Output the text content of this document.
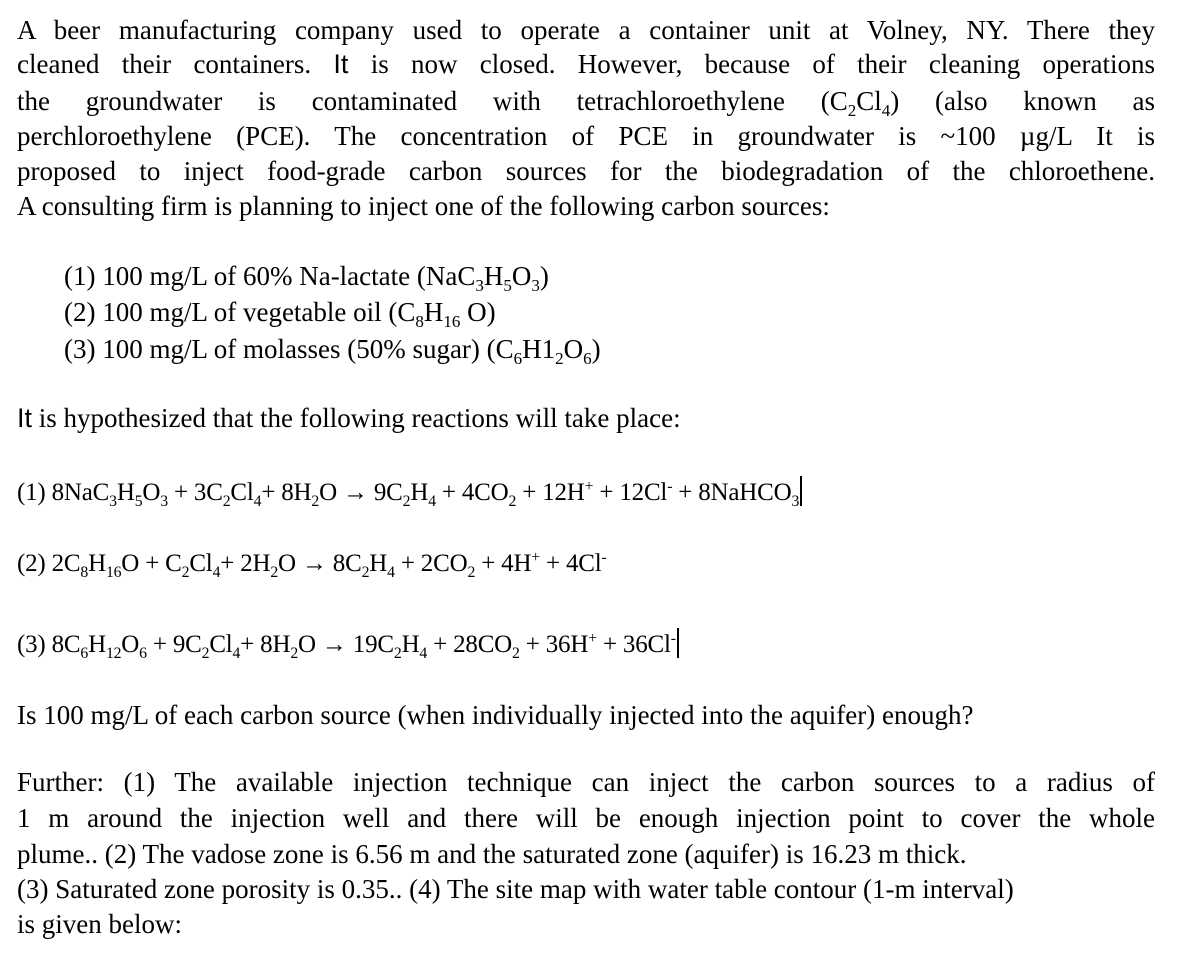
A beer manufacturing company used to operate a container unit at Volney, NY. There they
cleaned their containers. It is now closed. However, because of their cleaning operations
the groundwater is contaminated with tetrachloroethylene $(C_2Cl_4)$ (also known as
perchloroethylene (PCE). The concentration of PCE in groundwater is ~100 µg/L It is
proposed to inject food-grade carbon sources for the biodegradation of the chloroethene.
A consulting firm is planning to inject one of the following carbon sources:
(1) 100 mg/L of 60% Na-lactate $(NaC_3H_5O_3)$
(2) 100 mg/L of vegetable oil ($C_8H_{16}$ O)
(3) 100 mg/L of molasses (50% sugar) $(C_6H1_2O_6)$
It is hypothesized that the following reactions will take place:
(1) $8NaC_3H_5O_3 + 3C_2Cl_4+ 8H_2O \to 9C_2H_4 + 4CO_2 + 12H^+ + 12Cl^-$ + 8NaHCO$_3$
(2) $2C_8H_{16}O + C_2Cl_4+ 2H_2O \to 8C_2H_4 + 2CO_2 + 4H^+ + 4Cl^-$
(3) $8C_6H_{12}O_6 + 9C_2Cl_4+ 8H_2O \to 19C_2H_4 + 28CO_2 + 36H^+ + 36Cl^-$
Is 100 mg/L of each carbon source (when individually injected into the aquifer) enough?
Further: (1) The available injection technique can inject the carbon sources to a radius of
1 m around the injection well and there will be enough injection point to cover the whole
plume.. (2) The vadose zone is 6.56 m and the saturated zone (aquifer) is 16.23 m thick.
(3) Saturated zone porosity is 0.35.. (4) The site map with water table contour (1-m interval)
is given below:
